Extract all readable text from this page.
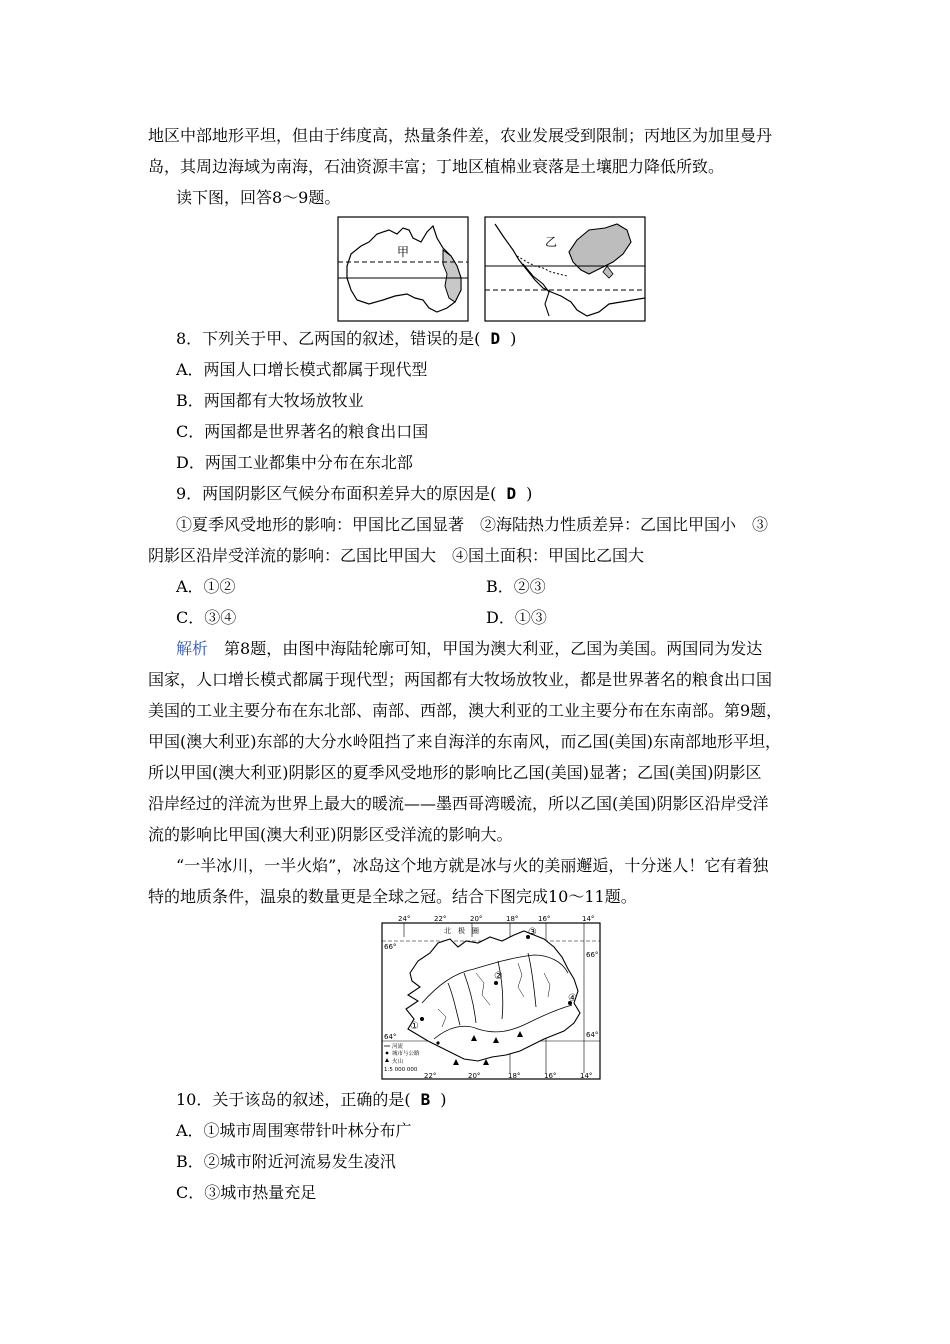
地区中部地形平坦，但由于纬度高，热量条件差，农业发展受到限制；丙地区为加里曼丹
岛，其周边海域为南海，石油资源丰富；丁地区植棉业衰落是土壤肥力降低所致。
读下图，回答8～9题。
甲
乙
8．下列关于甲、乙两国的叙述，错误的是( D )
A．两国人口增长模式都属于现代型
B．两国都有大牧场放牧业
C．两国都是世界著名的粮食出口国
D．两国工业都集中分布在东北部
9．两国阴影区气候分布面积差异大的原因是( D )
①夏季风受地形的影响：甲国比乙国显著　②海陆热力性质差异：乙国比甲国小　③
阴影区沿岸受洋流的影响：乙国比甲国大　④国土面积：甲国比乙国大
A．①②	B．②③
C．③④	D．①③
解析　 第8题，由图中海陆轮廓可知，甲国为澳大利亚，乙国为美国。两国同为发达
国家，人口增长模式都属于现代型；两国都有大牧场放牧业，都是世界著名的粮食出口国
美国的工业主要分布在东北部、南部、西部，澳大利亚的工业主要分布在东南部。第9题，
甲国(澳大利亚)东部的大分水岭阻挡了来自海洋的东南风，而乙国(美国)东南部地形平坦，
所以甲国(澳大利亚)阴影区的夏季风受地形的影响比乙国(美国)显著；乙国(美国)阴影区
沿岸经过的洋流为世界上最大的暖流——墨西哥湾暖流，所以乙国(美国)阴影区沿岸受洋
流的影响比甲国(澳大利亚)阴影区受洋流的影响大。
“一半冰川，一半火焰”，冰岛这个地方就是冰与火的美丽邂逅，十分迷人！它有着独
特的地质条件，温泉的数量更是全球之冠。结合下图完成10～11题。
24°	22°	20°	18°	16°	14°
22°	20°	18°	16°	14°
66°
66°
64°	64°
北　极　圈
①
②
③
④
河流
城市与公路
火山
1:5 000 000
10．关于该岛的叙述，正确的是( B )
A．①城市周围寒带针叶林分布广
B．②城市附近河流易发生凌汛
C．③城市热量充足
